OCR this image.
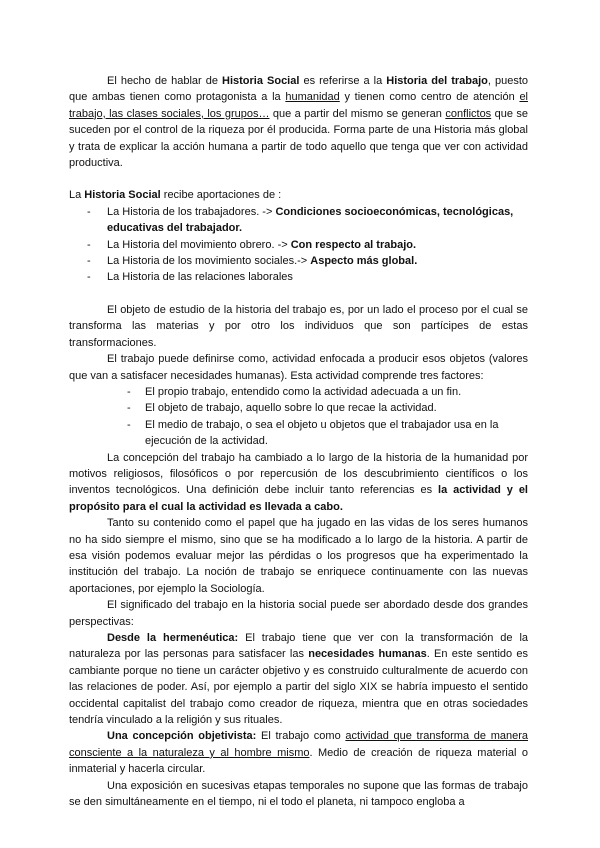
El hecho de hablar de Historia Social es referirse a la Historia del trabajo, puesto que ambas tienen como protagonista a la humanidad y tienen como centro de atención el trabajo, las clases sociales, los grupos… que a partir del mismo se generan conflictos que se suceden por el control de la riqueza por él producida. Forma parte de una Historia más global y trata de explicar la acción humana a partir de todo aquello que tenga que ver con actividad productiva.

La Historia Social recibe aportaciones de :

- La Historia de los trabajadores. -> Condiciones socioeconómicas, tecnológicas, educativas del trabajador.
- La Historia del movimiento obrero. -> Con respecto al trabajo.
- La Historia de los movimiento sociales.-> Aspecto más global.
- La Historia de las relaciones laborales

El objeto de estudio de la historia del trabajo es, por un lado el proceso por el cual se transforma las materias y por otro los individuos que son partícipes de estas transformaciones.

El trabajo puede definirse como, actividad enfocada a producir esos objetos (valores que van a satisfacer necesidades humanas). Esta actividad comprende tres factores:

- El propio trabajo, entendido como la actividad adecuada a un fin.
- El objeto de trabajo, aquello sobre lo que recae la actividad.
- El medio de trabajo, o sea el objeto u objetos que el trabajador usa en la ejecución de la actividad.

La concepción del trabajo ha cambiado a lo largo de la historia de la humanidad por motivos religiosos, filosóficos o por repercusión de los descubrimiento científicos o los inventos tecnológicos. Una definición debe incluir tanto referencias es la actividad y el propósito para el cual la actividad es llevada a cabo.

Tanto su contenido como el papel que ha jugado en las vidas de los seres humanos no ha sido siempre el mismo, sino que se ha modificado a lo largo de la historia. A partir de esa visión podemos evaluar mejor las pérdidas o los progresos que ha experimentado la institución del trabajo. La noción de trabajo se enriquece continuamente con las nuevas aportaciones, por ejemplo la Sociología.

El significado del trabajo en la historia social puede ser abordado desde dos grandes perspectivas:

Desde la hermenéutica: El trabajo tiene que ver con la transformación de la naturaleza por las personas para satisfacer las necesidades humanas. En este sentido es cambiante porque no tiene un carácter objetivo y es construido culturalmente de acuerdo con las relaciones de poder. Así, por ejemplo a partir del siglo XIX se habría impuesto el sentido occidental capitalist del trabajo como creador de riqueza, mientra que en otras sociedades tendría vinculado a la religión y sus rituales.

Una concepción objetivista: El trabajo como actividad que transforma de manera consciente a la naturaleza y al hombre mismo. Medio de creación de riqueza material o inmaterial y hacerla circular.

Una exposición en sucesivas etapas temporales no supone que las formas de trabajo se den simultáneamente en el tiempo, ni el todo el planeta, ni tampoco engloba a
